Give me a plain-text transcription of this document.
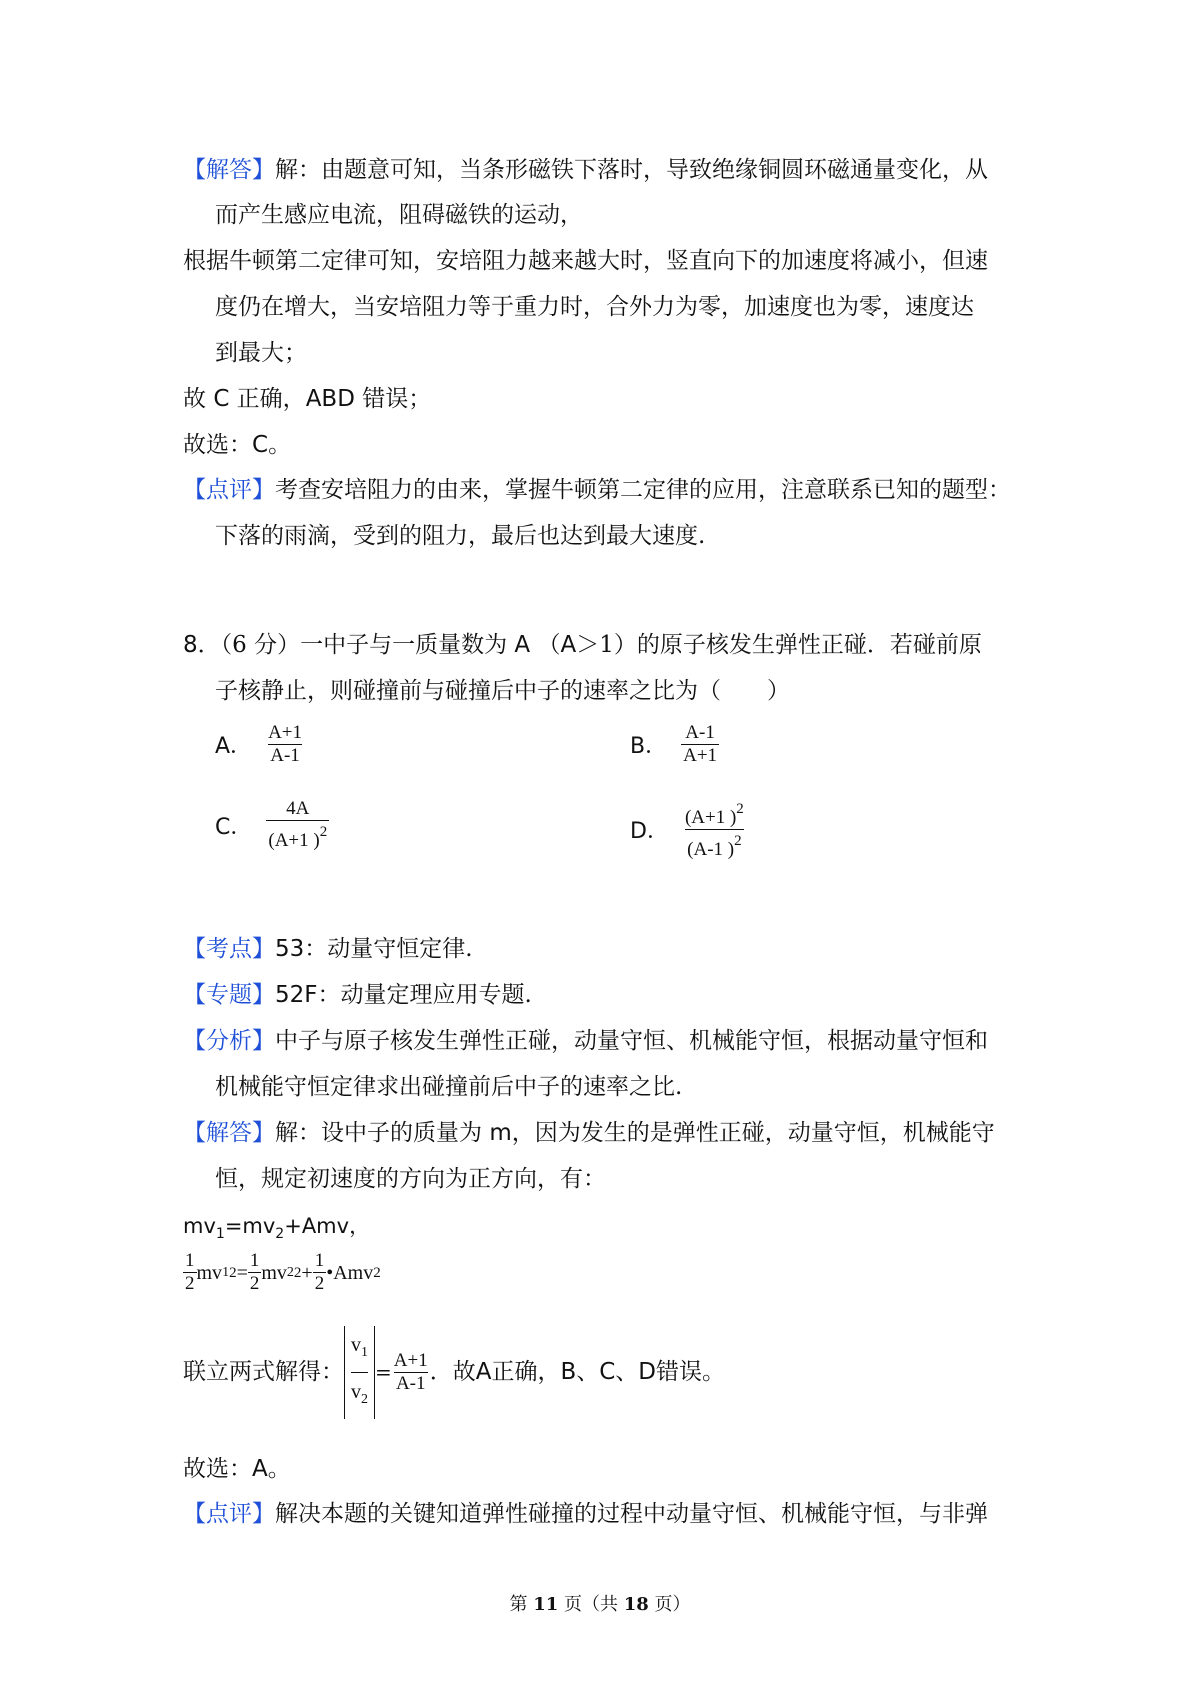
【解答】解：由题意可知，当条形磁铁下落时，导致绝缘铜圆环磁通量变化，从
而产生感应电流，阻碍磁铁的运动，
根据牛顿第二定律可知，安培阻力越来越大时，竖直向下的加速度将减小，但速
度仍在增大，当安培阻力等于重力时，合外力为零，加速度也为零，速度达
到最大；
故 C 正确，ABD 错误；
故选：C。
【点评】考查安培阻力的由来，掌握牛顿第二定律的应用，注意联系已知的题型：
下落的雨滴，受到的阻力，最后也达到最大速度.
8．（6 分）一中子与一质量数为 A （A＞1）的原子核发生弹性正碰．若碰前原
子核静止，则碰撞前与碰撞后中子的速率之比为（　　）
A． $\frac{A+1}{A-1}$	B． $\frac{A-1}{A+1}$
C． $\frac{4A}{(A+1 )^2}$	D． $\frac{(A+1 )^2}{(A-1 )^2}$
【考点】53：动量守恒定律.
【专题】52F：动量定理应用专题.
【分析】中子与原子核发生弹性正碰，动量守恒、机械能守恒，根据动量守恒和
机械能守恒定律求出碰撞前后中子的速率之比.
【解答】解：设中子的质量为 m，因为发生的是弹性正碰，动量守恒，机械能守
恒，规定初速度的方向为正方向，有：
$mv_1=mv_2+Amv$，
$\frac{1}{2}$ mv 1 $2 = \frac{1}{2}$ mv 2 $2 + \frac{1}{2}$ • Amv 2
联立两式解得： $\frac{v_1}{v_2} = \frac{A+1}{A-1}$ ．故 A 正确， B、C、D 错误。
故选：A。
【点评】解决本题的关键知道弹性碰撞的过程中动量守恒、机械能守恒，与非弹
第 11 页（共 18 页）
